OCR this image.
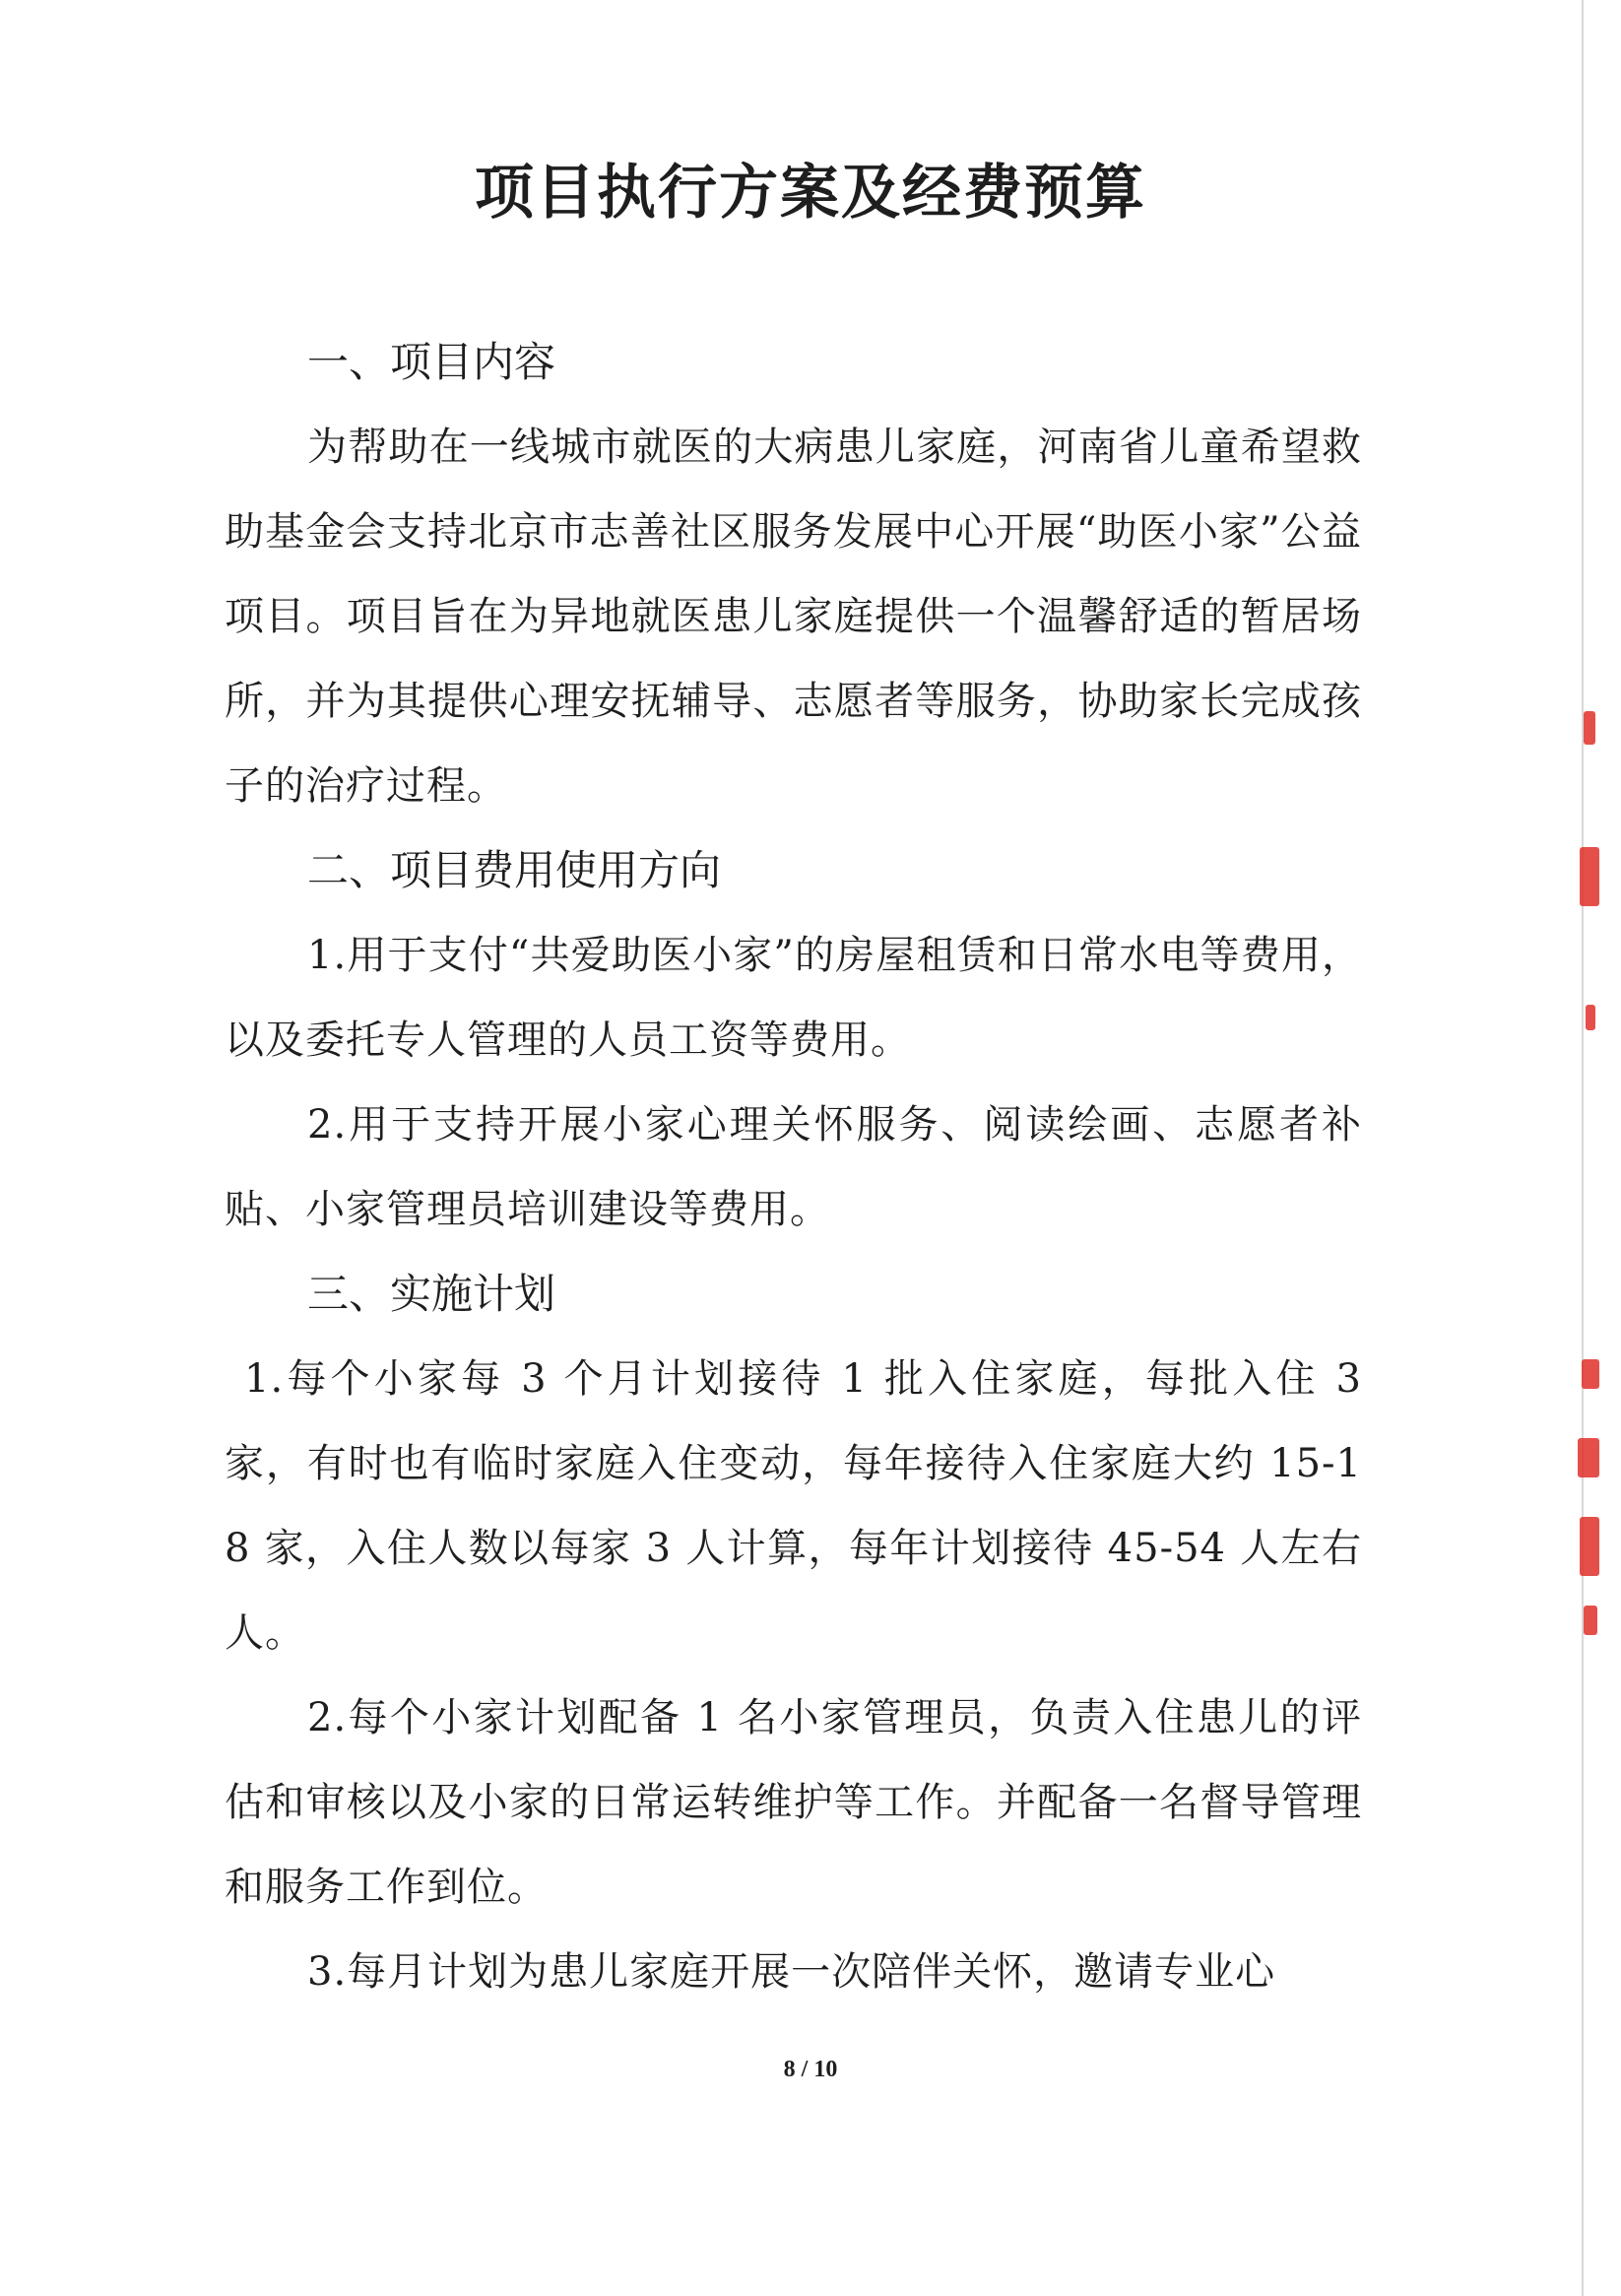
项目执行方案及经费预算
一、项目内容

为帮助在一线城市就医的大病患儿家庭，河南省儿童希望救助基金会支持北京市志善社区服务发展中心开展“助医小家”公益项目。项目旨在为异地就医患儿家庭提供一个温馨舒适的暂居场所，并为其提供心理安抚辅导、志愿者等服务，协助家长完成孩子的治疗过程。

二、项目费用使用方向

1.用于支付“共爱助医小家”的房屋租赁和日常水电等费用，以及委托专人管理的人员工资等费用。

2.用于支持开展小家心理关怀服务、阅读绘画、志愿者补贴、小家管理员培训建设等费用。

三、实施计划

1.每个小家每 3 个月计划接待 1 批入住家庭，每批入住 3 家，有时也有临时家庭入住变动，每年接待入住家庭大约 15-18 家，入住人数以每家 3 人计算，每年计划接待 45-54 人左右人。

2.每个小家计划配备 1 名小家管理员，负责入住患儿的评估和审核以及小家的日常运转维护等工作。并配备一名督导管理和服务工作到位。

3.每月计划为患儿家庭开展一次陪伴关怀，邀请专业心

8 / 10
